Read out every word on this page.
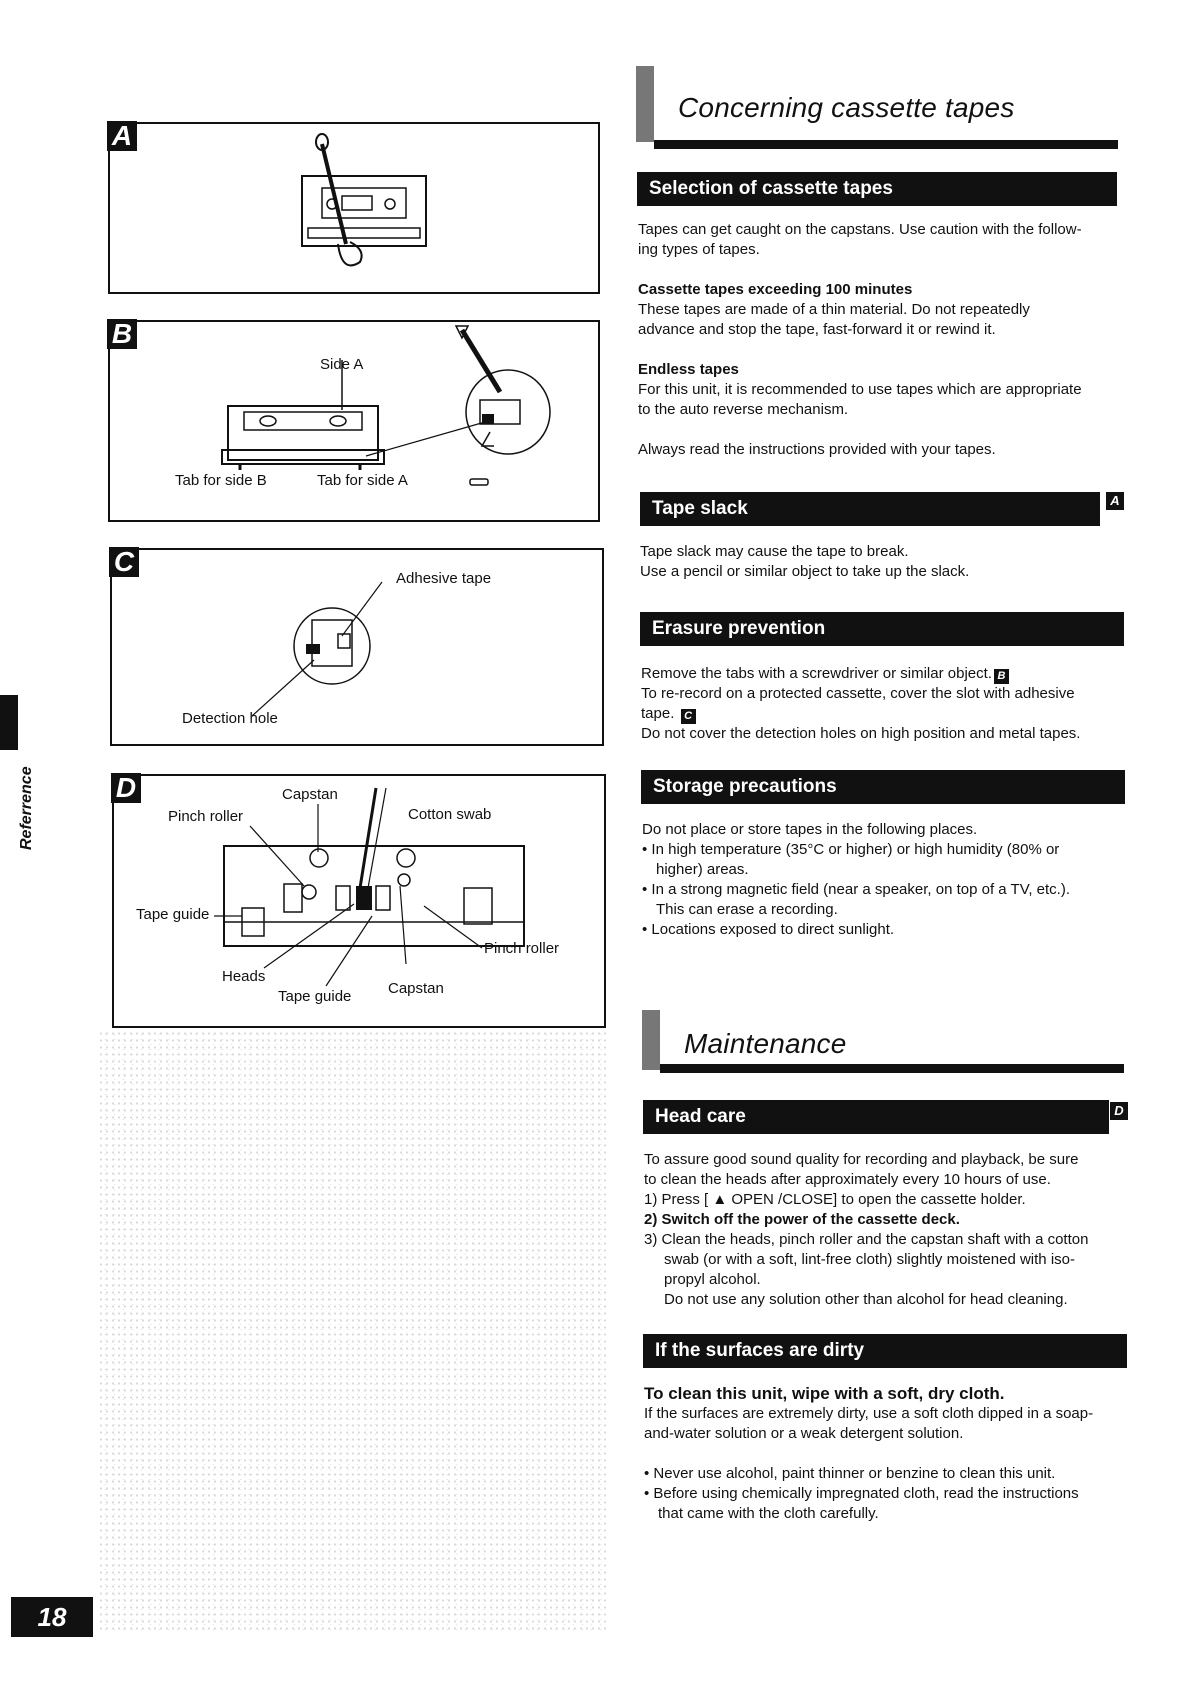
A
Side A
Tab for side B	Tab for side A
B
Adhesive tape
Detection hole
C
Capstan
Pinch roller	Cotton swab
Tape guide
Pinch roller
Heads
Tape guide Capstan
D
Referrence
18
Concerning cassette tapes
Selection of cassette tapes
Tapes can get caught on the capstans. Use caution with the follow-
ing types of tapes.
Cassette tapes exceeding 100 minutes
These tapes are made of a thin material. Do not repeatedly
advance and stop the tape, fast-forward it or rewind it.
Endless tapes
For this unit, it is recommended to use tapes which are appropriate
to the auto reverse mechanism.
Always read the instructions provided with your tapes.
Tape slack	A
Tape slack may cause the tape to break.
Use a pencil or similar object to take up the slack.
Erasure prevention
Remove the tabs with a screwdriver or similar object. B
To re-record on a protected cassette, cover the slot with adhesive
tape. C
Do not cover the detection holes on high position and metal tapes.
Storage precautions
Do not place or store tapes in the following places.
• In high temperature (35°C or higher) or high humidity (80% or
higher) areas.
• In a strong magnetic field (near a speaker, on top of a TV, etc.).
This can erase a recording.
• Locations exposed to direct sunlight.
Maintenance
Head care	D
To assure good sound quality for recording and playback, be sure
to clean the heads after approximately every 10 hours of use.
1) Press [ ▲ OPEN /CLOSE] to open the cassette holder.
2) Switch off the power of the cassette deck.
3) Clean the heads, pinch roller and the capstan shaft with a cotton
swab (or with a soft, lint-free cloth) slightly moistened with iso-
propyl alcohol.
Do not use any solution other than alcohol for head cleaning.
If the surfaces are dirty
To clean this unit, wipe with a soft, dry cloth.
If the surfaces are extremely dirty, use a soft cloth dipped in a soap-
and-water solution or a weak detergent solution.
• Never use alcohol, paint thinner or benzine to clean this unit.
• Before using chemically impregnated cloth, read the instructions
that came with the cloth carefully.
